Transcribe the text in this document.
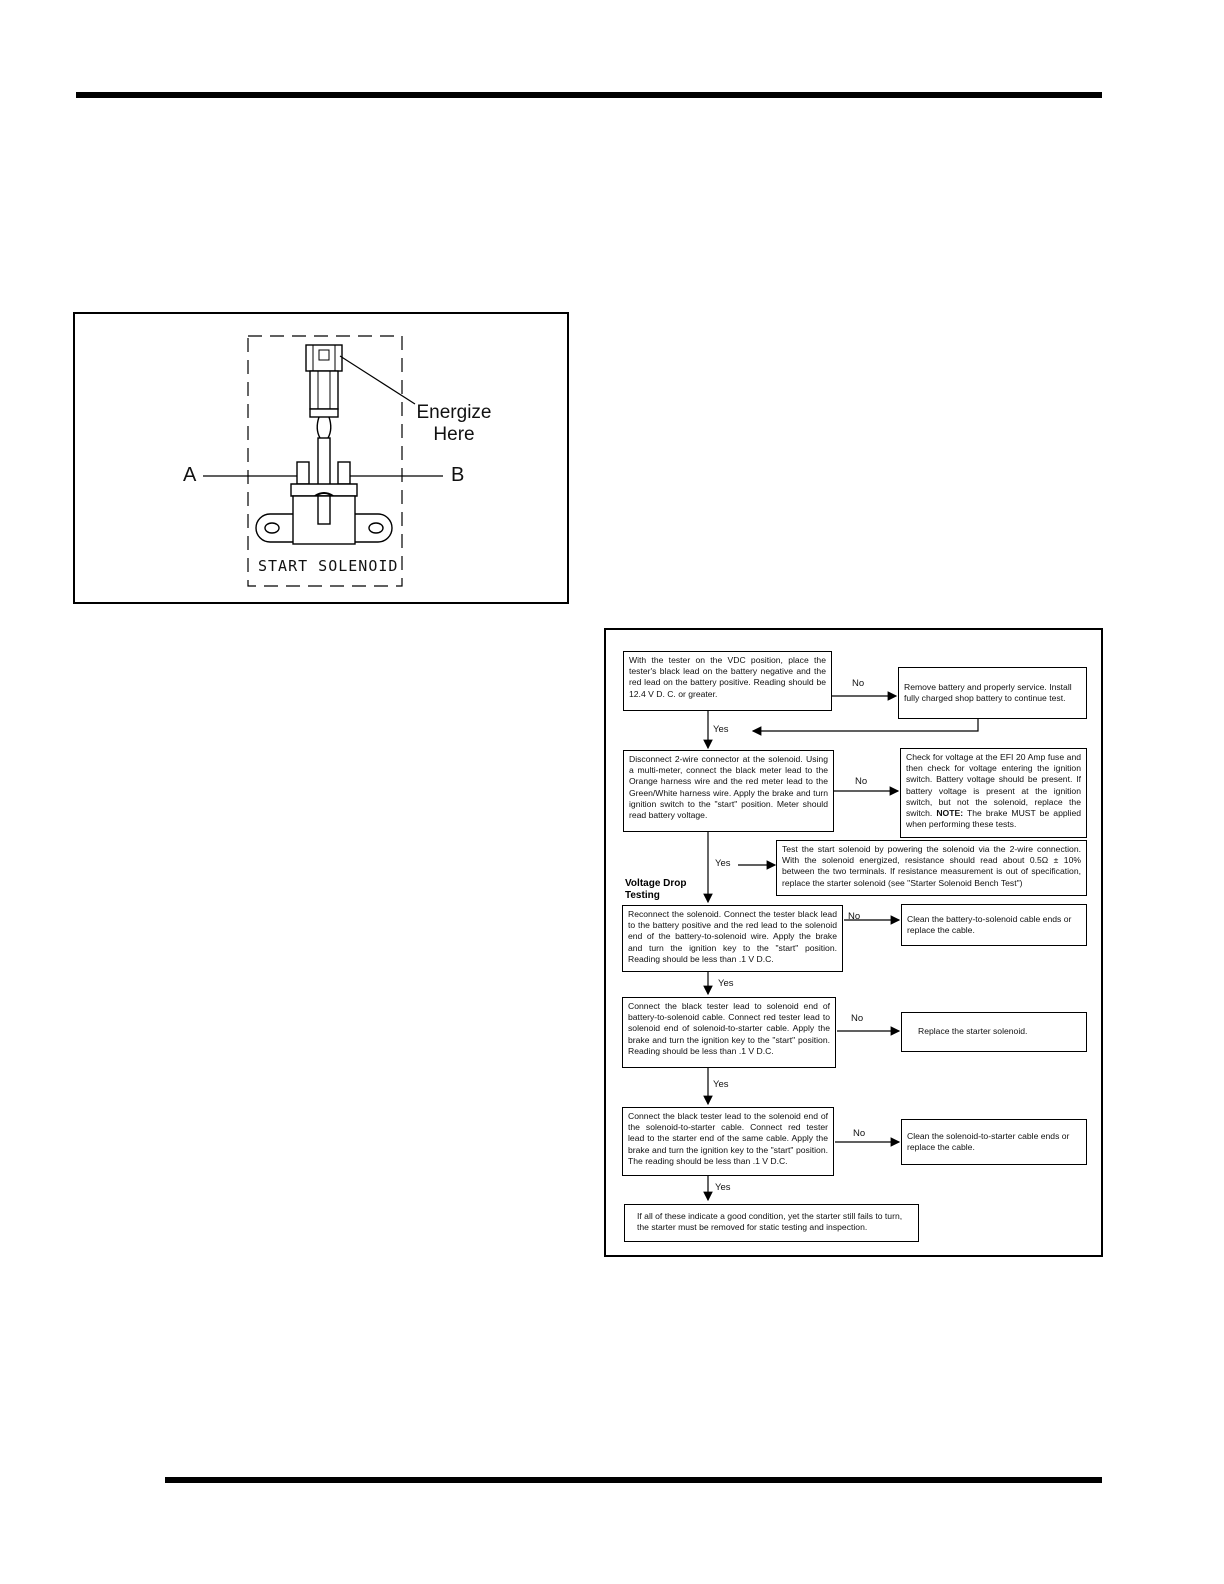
Energize
Here
A	B
START SOLENOID
With the tester on the VDC position, place the tester's black lead on the battery negative and the red lead on the battery positive. Reading should be 12.4 V D. C. or greater.
Remove battery and properly service. Install fully charged shop battery to continue test.
Disconnect 2-wire connector at the solenoid. Using a multi-meter, connect the black meter lead to the Orange harness wire and the red meter lead to the Green/White harness wire. Apply the brake and turn ignition switch to the "start" position. Meter should read battery voltage.
Check for voltage at the EFI 20 Amp fuse and then check for voltage entering the ignition switch. Battery voltage should be present. If battery voltage is present at the ignition switch, but not the solenoid, replace the switch. NOTE: The brake MUST be applied when performing these tests.
Test the start solenoid by powering the solenoid via the 2-wire connection. With the solenoid energized, resistance should read about 0.5Ω ± 10% between the two terminals. If resistance measurement is out of specification, replace the starter solenoid (see "Starter Solenoid Bench Test")
Voltage Drop
Testing
Reconnect the solenoid. Connect the tester black lead to the battery positive and the red lead to the solenoid end of the battery-to-solenoid wire. Apply the brake and turn the ignition key to the "start" position. Reading should be less than .1 V D.C.
Clean the battery-to-solenoid cable ends or replace the cable.
Connect the black tester lead to solenoid end of battery-to-solenoid cable. Connect red tester lead to solenoid end of solenoid-to-starter cable. Apply the brake and turn the ignition key to the "start" position. Reading should be less than .1 V D.C.
Replace the starter solenoid.
Connect the black tester lead to the solenoid end of the solenoid-to-starter cable. Connect red tester lead to the starter end of the same cable. Apply the brake and turn the ignition key to the "start" position. The reading should be less than .1 V D.C.
Clean the solenoid-to-starter cable ends or replace the cable.
If all of these indicate a good condition, yet the starter still fails to turn, the starter must be removed for static testing and inspection.
No
Yes
No
Yes
No
Yes
No
Yes
No
Yes
